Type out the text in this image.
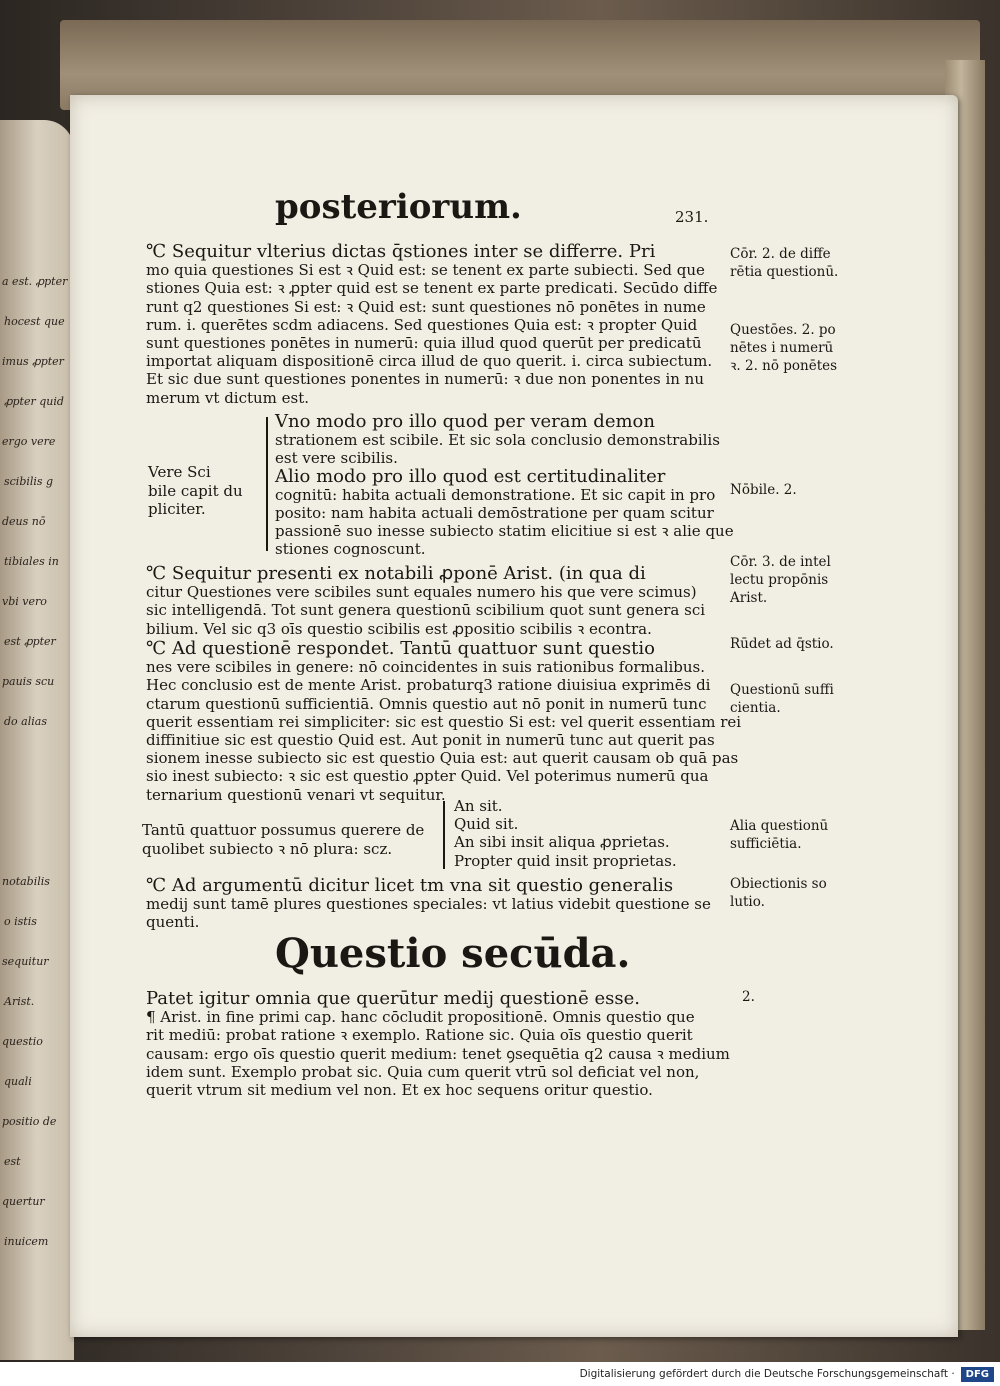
a est. ꝓpter
hocest que
imus ꝓpter
ꝓpter quid
ergo vere
scibilis g
deus nō
tibiales in
vbi vero
est ꝓpter
pauis scu
do alias
notabilis
o istis
sequitur
Arist.
questio
quali
positio de
est
quertur
inuicem
posteriorum.	231.
℃ Sequitur vlterius dictas q̄stiones inter se differre. Pri
mo quia questiones Si est ꝛ Quid est: se tenent ex parte subiecti. Sed que
stiones Quia est: ꝛ ꝓpter quid est se tenent ex parte predicati. Secūdo diffe
runt q2 questiones Si est: ꝛ Quid est: sunt questiones nō ponētes in nume
rum. i. querētes scdm adiacens. Sed questiones Quia est: ꝛ propter Quid
sunt questiones ponētes in numerū: quia illud quod querūt per predicatū
importat aliquam dispositionē circa illud de quo querit. i. circa subiectum.
Et sic due sunt questiones ponentes in numerū: ꝛ due non ponentes in nu
merum vt dictum est.
Vere Sci
bile capit du
pliciter.
Vno modo pro illo quod per veram demon
strationem est scibile. Et sic sola conclusio demonstrabilis
est vere scibilis.
Alio modo pro illo quod est certitudinaliter
cognitū: habita actuali demonstratione. Et sic capit in pro
posito: nam habita actuali demōstratione per quam scitur
passionē suo inesse subiecto statim elicitiue si est ꝛ alie que
stiones cognoscunt.
℃ Sequitur presenti ex notabili ꝓponē Arist. (in qua di
citur Questiones vere scibiles sunt equales numero his que vere scimus)
sic intelligendā. Tot sunt genera questionū scibilium quot sunt genera sci
bilium. Vel sic q3 oīs questio scibilis est ꝓpositio scibilis ꝛ econtra.
℃ Ad questionē respondet. Tantū quattuor sunt questio
nes vere scibiles in genere: nō coincidentes in suis rationibus formalibus.
Hec conclusio est de mente Arist. probaturq3 ratione diuisiua exprimēs di
ctarum questionū sufficientiā. Omnis questio aut nō ponit in numerū tunc
querit essentiam rei simpliciter: sic est questio Si est: vel querit essentiam rei
diffinitiue sic est questio Quid est. Aut ponit in numerū tunc aut querit pas
sionem inesse subiecto sic est questio Quia est: aut querit causam ob quā pas
sio inest subiecto: ꝛ sic est questio ꝓpter Quid. Vel poterimus numerū qua
ternarium questionū venari vt sequitur.
Tantū quattuor possumus querere de
quolibet subiecto ꝛ nō plura: scz.
An sit.
Quid sit.
An sibi insit aliqua ꝓprietas.
Propter quid insit proprietas.
℃ Ad argumentū dicitur licet tm vna sit questio generalis
medij sunt tamē plures questiones speciales: vt latius videbit questione se
quenti.
Questio secūda.
Patet igitur omnia que querūtur medij questionē esse.
¶ Arist. in fine primi cap. hanc cōcludit propositionē. Omnis questio que
rit mediū: probat ratione ꝛ exemplo. Ratione sic. Quia oīs questio querit
causam: ergo oīs questio querit medium: tenet ꝯsequētia q2 causa ꝛ medium
idem sunt. Exemplo probat sic. Quia cum querit vtrū sol deficiat vel non,
querit vtrum sit medium vel non. Et ex hoc sequens oritur questio.
Cōr. 2. de diffe
rētia questionū.
Questōes. 2. po
nētes i numerū
ꝛ. 2. nō ponētes
Nōbile. 2.
Cōr. 3. de intel
lectu propōnis
Arist.
Rūdet ad q̄stio.
Questionū suffi
cientia.
Alia questionū
sufficiētia.
Obiectionis so
lutio.
2.
Digitalisierung gefördert durch die Deutsche Forschungsgemeinschaft ·	DFG
